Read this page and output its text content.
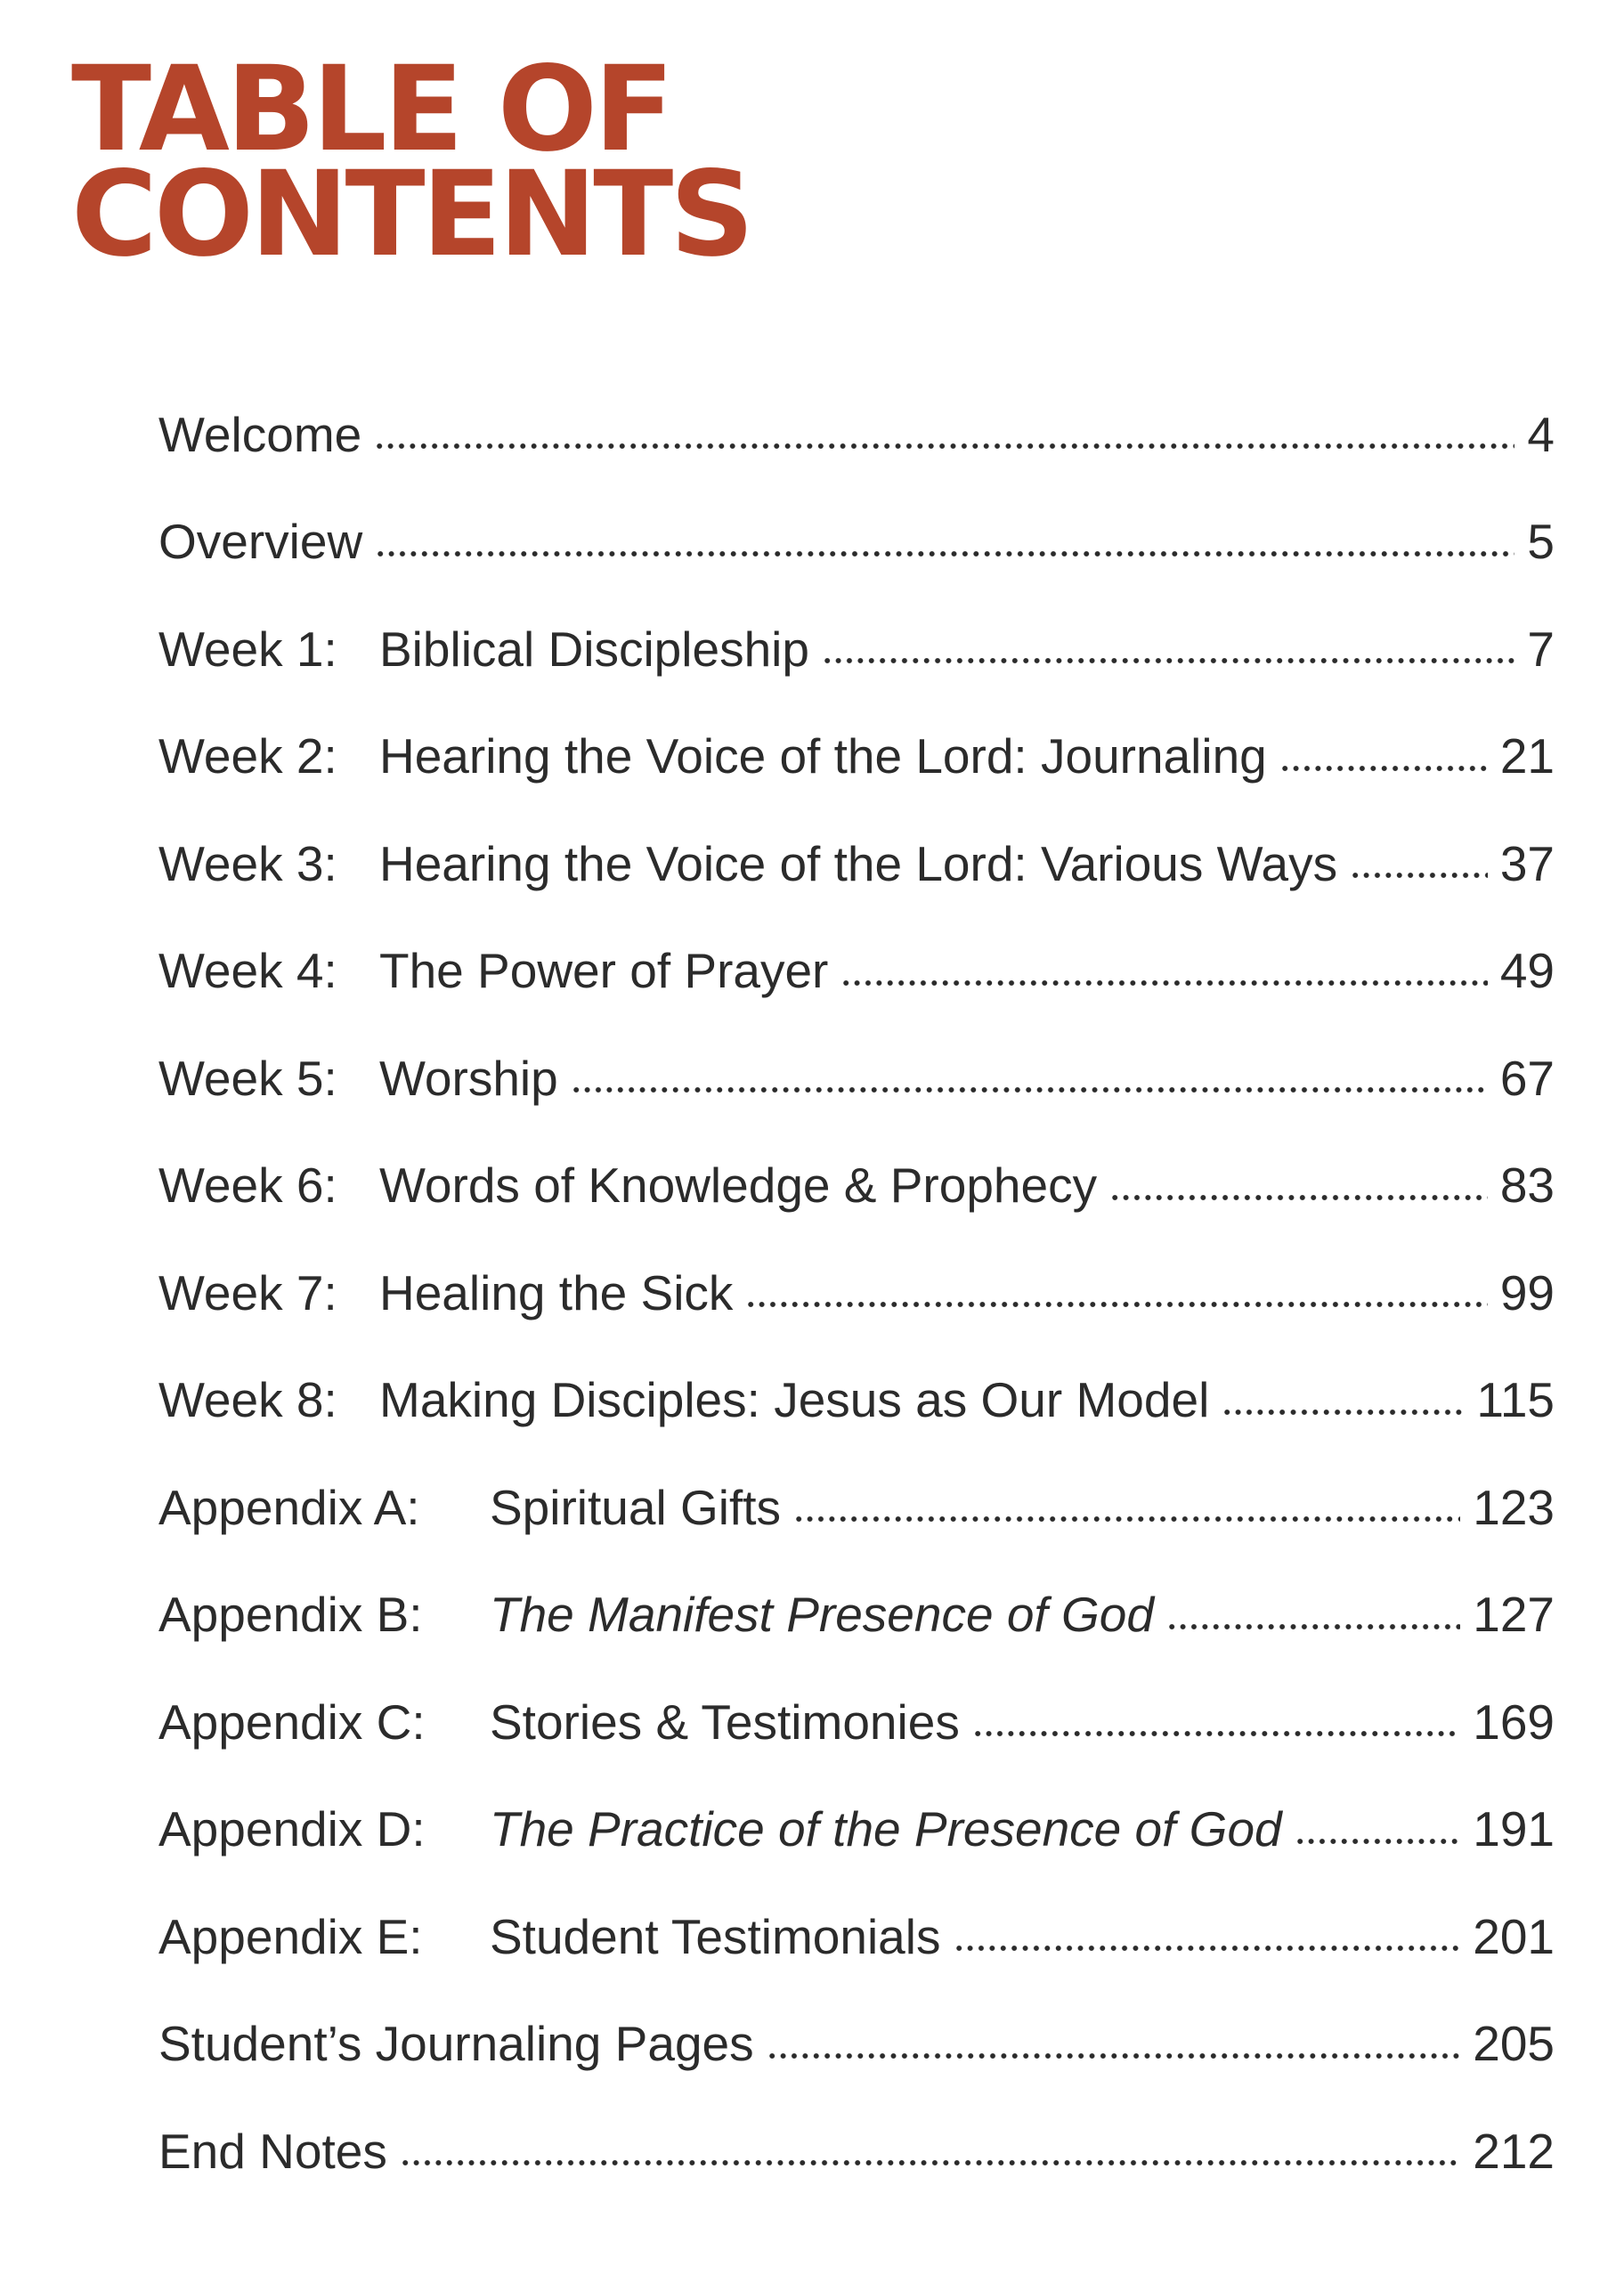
TABLE OF
CONTENTS
Welcome	4
Overview	5
Week 1: Biblical Discipleship	7
Week 2: Hearing the Voice of the Lord: Journaling	21
Week 3: Hearing the Voice of the Lord: Various Ways	37
Week 4: The Power of Prayer	49
Week 5: Worship	67
Week 6: Words of Knowledge & Prophecy	83
Week 7: Healing the Sick	99
Week 8: Making Disciples: Jesus as Our Model	115
Appendix A:	Spiritual Gifts	123
Appendix B:	The Manifest Presence of God	127
Appendix C:	Stories & Testimonies	169
Appendix D:	The Practice of the Presence of God	191
Appendix E:	Student Testimonials	201
Student’s Journaling Pages	205
End Notes	212
